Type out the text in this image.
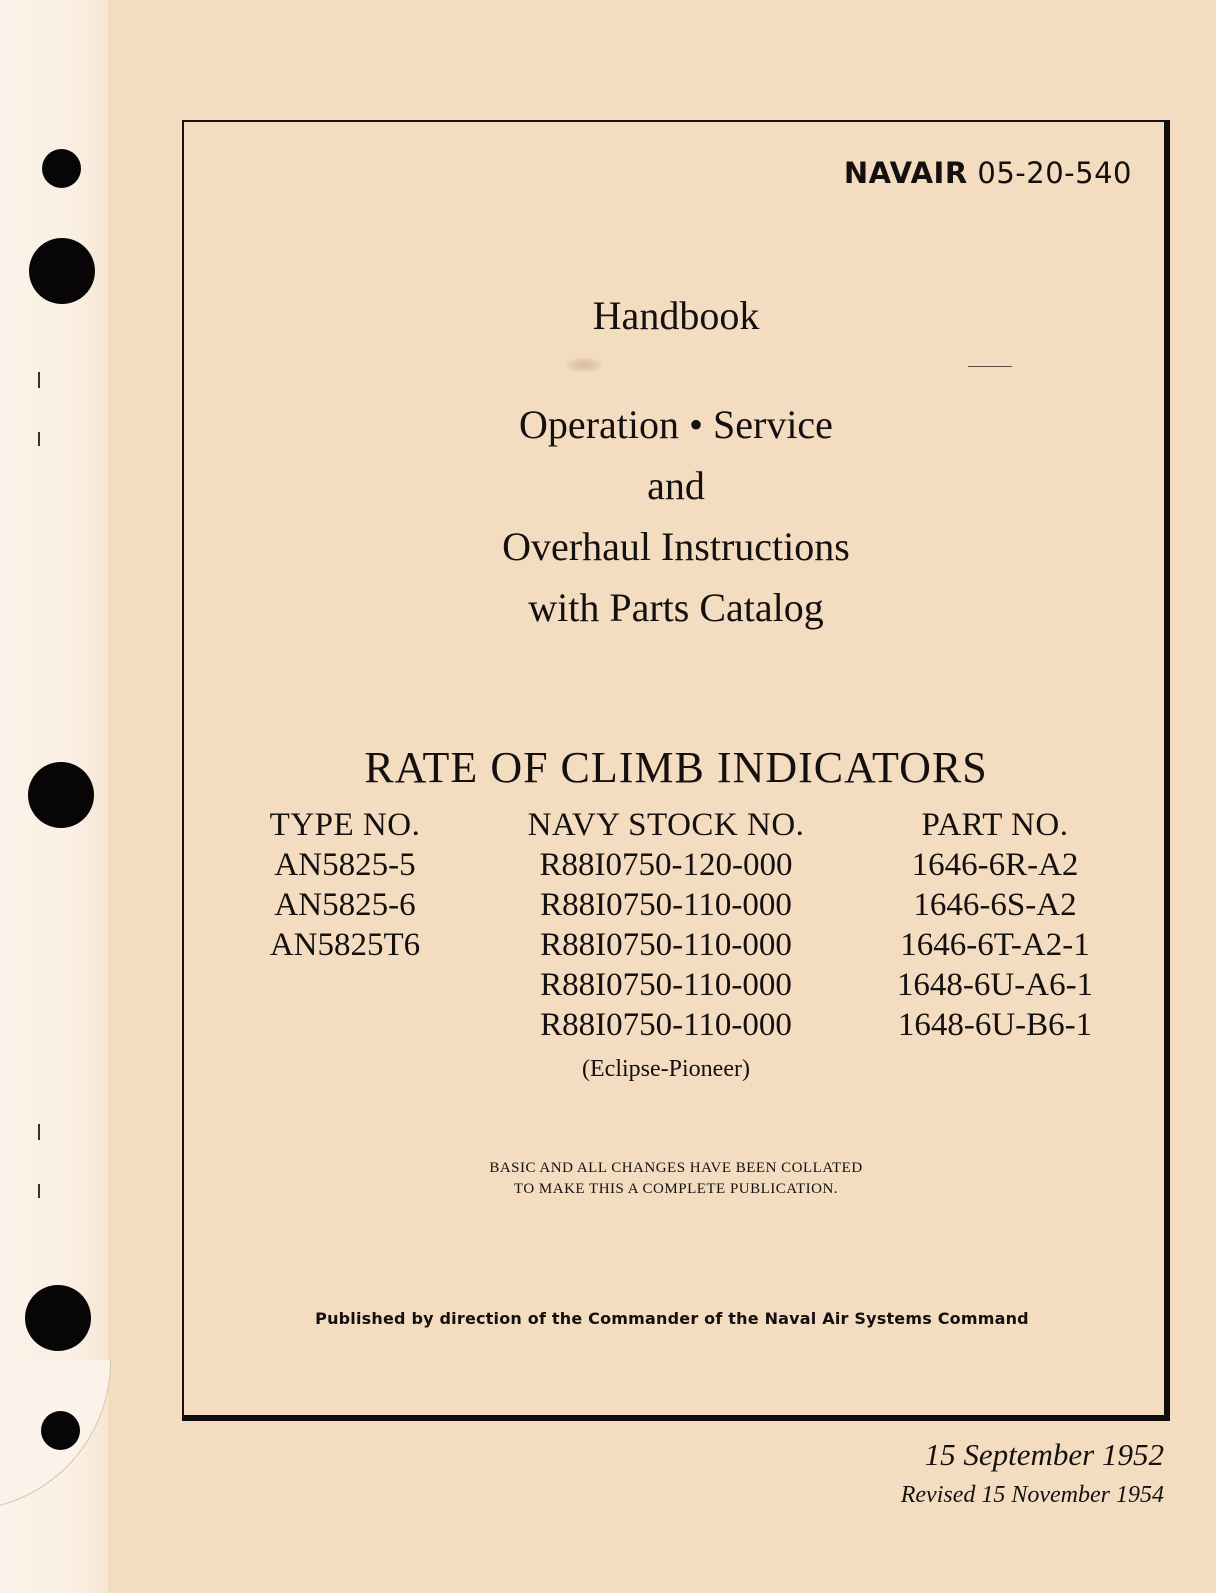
NAVAIR 05-20-540
Handbook
Operation • Service
and
Overhaul Instructions
with Parts Catalog
RATE OF CLIMB INDICATORS
TYPE NO.
AN5825-5
AN5825-6
AN5825T6
NAVY STOCK NO.
R88I0750-120-000
R88I0750-110-000
R88I0750-110-000
R88I0750-110-000
R88I0750-110-000
PART NO.
1646-6R-A2
1646-6S-A2
1646-6T-A2-1
1648-6U-A6-1
1648-6U-B6-1
(Eclipse-Pioneer)
BASIC AND ALL CHANGES HAVE BEEN COLLATED
TO MAKE THIS A COMPLETE PUBLICATION.
Published by direction of the Commander of the Naval Air Systems Command
15 September 1952
Revised 15 November 1954
